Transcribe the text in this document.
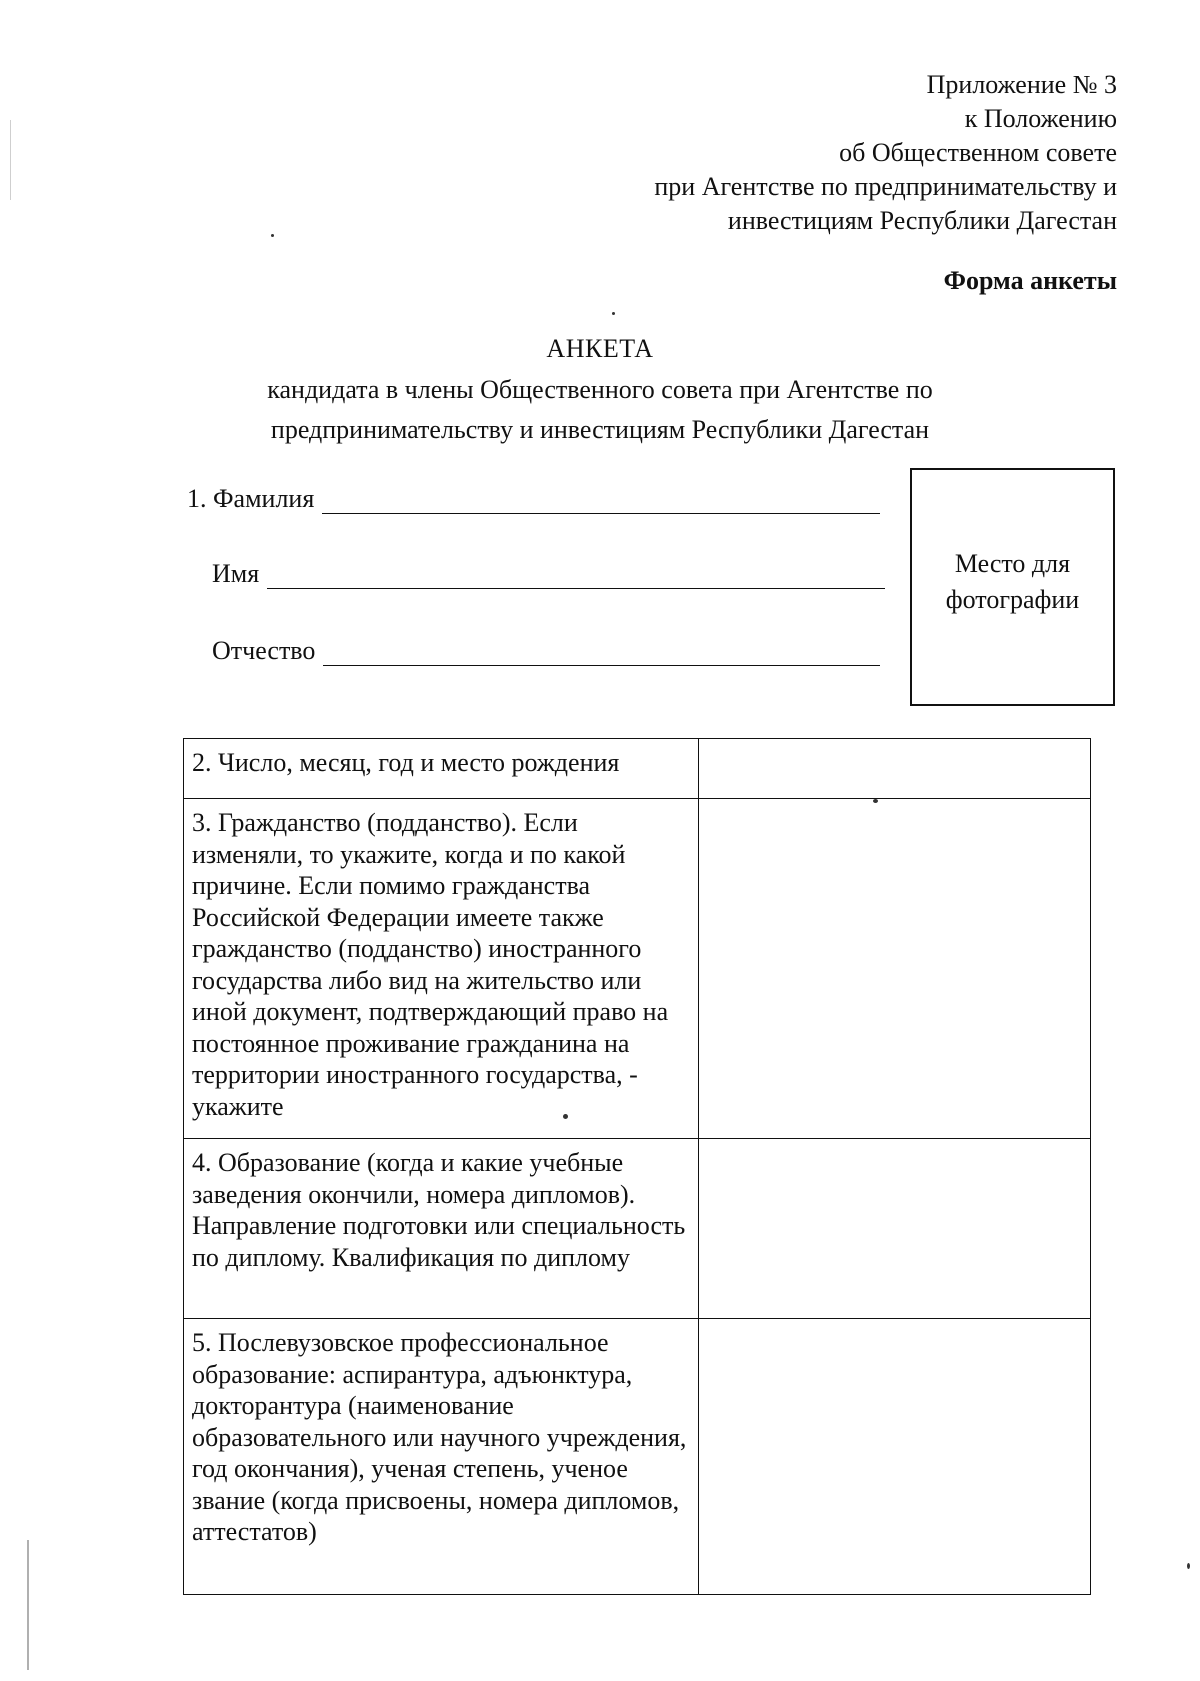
Приложение № 3
к Положению
об Общественном совете
при Агентстве по предпринимательству и
инвестициям Республики Дагестан
Форма анкеты
АНКЕТА
кандидата в члены Общественного совета при Агентстве по
предпринимательству и инвестициям Республики Дагестан
1. Фамилия
Имя
Отчество
Место для
фотографии
2. Число, месяц, год и место рождения	
3. Гражданство (подданство). Если изменяли, то укажите, когда и по какой причине. Если помимо гражданства Российской Федерации имеете также гражданство (подданство) иностранного государства либо вид на жительство или иной документ, подтверждающий право на постоянное проживание гражданина на территории иностранного государства, - укажите	
4. Образование (когда и какие учебные заведения окончили, номера дипломов). Направление подготовки или специальность по диплому. Квалификация по диплому	
5. Послевузовское профессиональное образование: аспирантура, адъюнктура, докторантура (наименование образовательного или научного учреждения, год окончания), ученая степень, ученое звание (когда присвоены, номера дипломов, аттестатов)	
